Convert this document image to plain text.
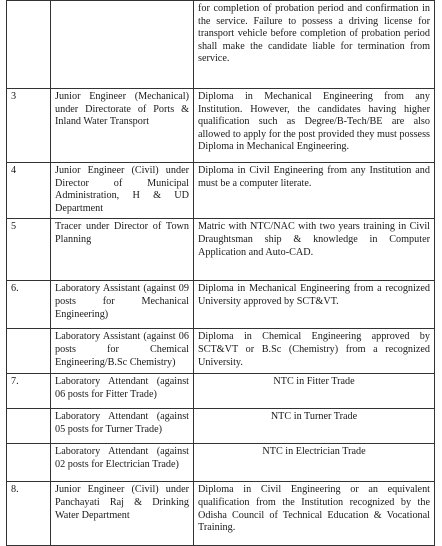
		for completion of probation period and confirmation in the service. Failure to possess a driving license for transport vehicle before completion of probation period shall make the candidate liable for termination from service.
3	Junior Engineer (Mechanical) under Directorate of Ports & Inland Water Transport	Diploma in Mechanical Engineering from any Institution. However, the candidates having higher qualification such as Degree/B-Tech/BE are also allowed to apply for the post provided they must possess Diploma in Mechanical Engineering.
4	Junior Engineer (Civil) under Director of Municipal Administration, H & UD Department	Diploma in Civil Engineering from any Institution and must be a computer literate.
5	Tracer under Director of Town Planning	Matric with NTC/NAC with two years training in Civil Draughtsman ship & knowledge in Computer Application and Auto-CAD.
6.	Laboratory Assistant (against 09 posts for Mechanical Engineering)	Diploma in Mechanical Engineering from a recognized University approved by SCT&VT.
	Laboratory Assistant (against 06 posts for Chemical Engineering/B.Sc Chemistry)	Diploma in Chemical Engineering approved by SCT&VT or B.Sc (Chemistry) from a recognized University.
7.	Laboratory Attendant (against 06 posts for Fitter Trade)	NTC in Fitter Trade
	Laboratory Attendant (against 05 posts for Turner Trade)	NTC in Turner Trade
	Laboratory Attendant (against 02 posts for Electrician Trade)	NTC in Electrician Trade
8.	Junior Engineer (Civil) under Panchayati Raj & Drinking Water Department	Diploma in Civil Engineering or an equivalent qualification from the Institution recognized by the Odisha Council of Technical Education & Vocational Training.
